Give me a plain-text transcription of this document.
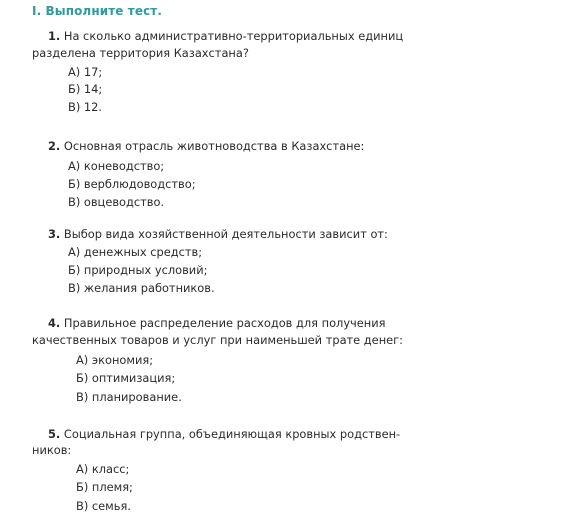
I. Выполните тест.
1. На сколько административно-территориальных единиц
разделена территория Казахстана?
А) 17;
Б) 14;
В) 12.
2. Основная отрасль животноводства в Казахстане:
А) коневодство;
Б) верблюдоводство;
В) овцеводство.
3. Выбор вида хозяйственной деятельности зависит от:
А) денежных средств;
Б) природных условий;
В) желания работников.
4. Правильное распределение расходов для получения
качественных товаров и услуг при наименьшей трате денег:
А) экономия;
Б) оптимизация;
В) планирование.
5. Социальная группа, объединяющая кровных родствен-
ников:
А) класс;
Б) племя;
В) семья.
